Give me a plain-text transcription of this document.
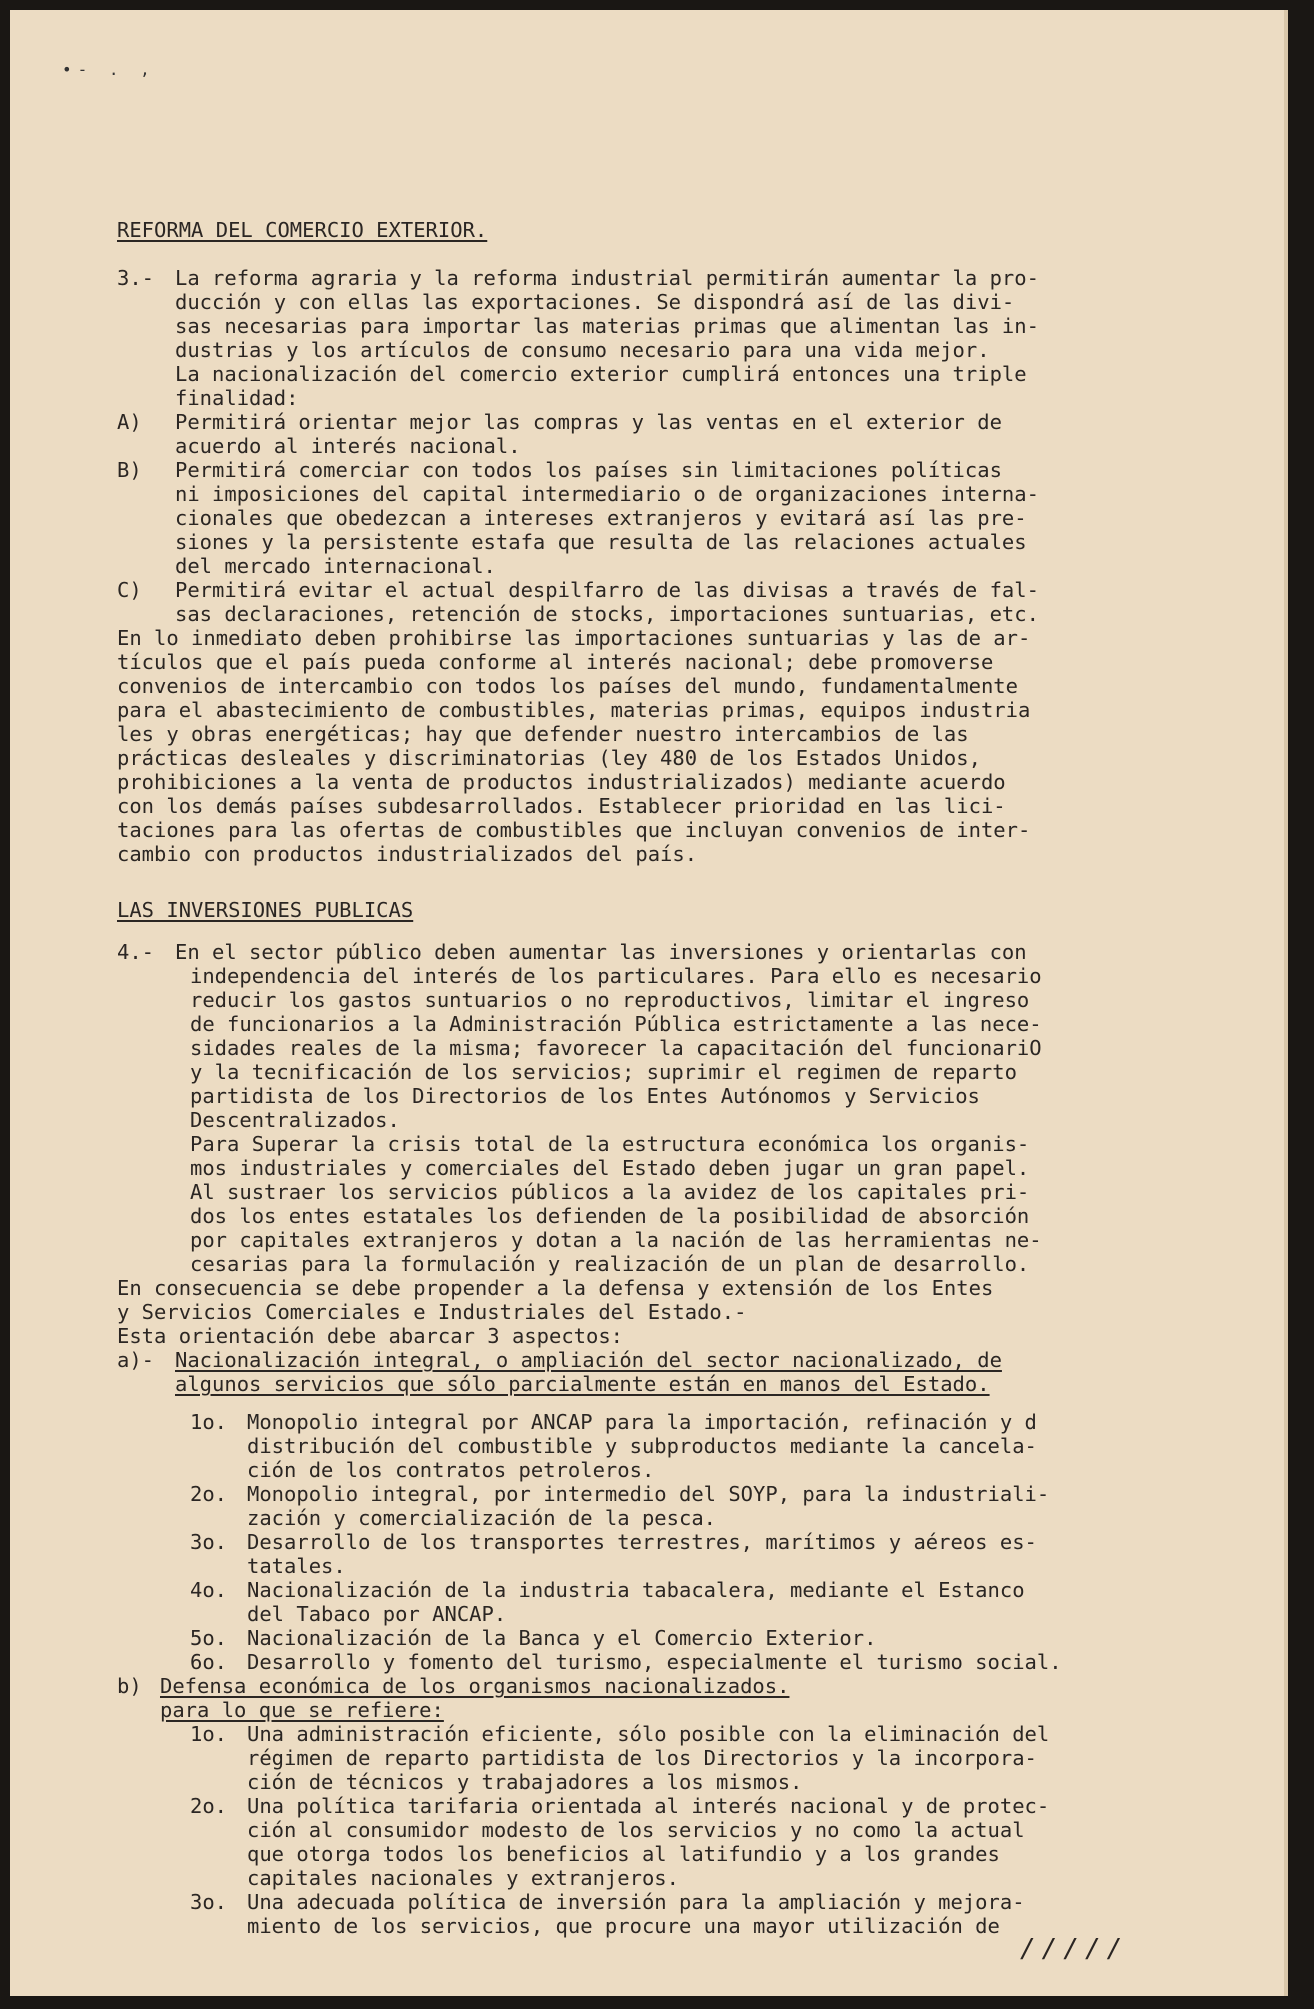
•- . ,
REFORMA DEL COMERCIO EXTERIOR.
3.- La reforma agraria y la reforma industrial permitirán aumentar la pro-
ducción y con ellas las exportaciones. Se dispondrá así de las divi-
sas necesarias para importar las materias primas que alimentan las in-
dustrias y los artículos de consumo necesario para una vida mejor.
La nacionalización del comercio exterior cumplirá entonces una triple
finalidad:
A) Permitirá orientar mejor las compras y las ventas en el exterior de
acuerdo al interés nacional.
B) Permitirá comerciar con todos los países sin limitaciones políticas
ni imposiciones del capital intermediario o de organizaciones interna-
cionales que obedezcan a intereses extranjeros y evitará así las pre-
siones y la persistente estafa que resulta de las relaciones actuales
del mercado internacional.
C) Permitirá evitar el actual despilfarro de las divisas a través de fal-
sas declaraciones, retención de stocks, importaciones suntuarias, etc.
En lo inmediato deben prohibirse las importaciones suntuarias y las de ar-
tículos que el país pueda conforme al interés nacional; debe promoverse
convenios de intercambio con todos los países del mundo, fundamentalmente
para el abastecimiento de combustibles, materias primas, equipos industria
les y obras energéticas; hay que defender nuestro intercambios de las
prácticas desleales y discriminatorias (ley 480 de los Estados Unidos,
prohibiciones a la venta de productos industrializados) mediante acuerdo
con los demás países subdesarrollados. Establecer prioridad en las lici-
taciones para las ofertas de combustibles que incluyan convenios de inter-
cambio con productos industrializados del país.
LAS INVERSIONES PUBLICAS
4.- En el sector público deben aumentar las inversiones y orientarlas con
independencia del interés de los particulares. Para ello es necesario
reducir los gastos suntuarios o no reproductivos, limitar el ingreso
de funcionarios a la Administración Pública estrictamente a las nece-
sidades reales de la misma; favorecer la capacitación del funcionariO
y la tecnificación de los servicios; suprimir el regimen de reparto
partidista de los Directorios de los Entes Autónomos y Servicios
Descentralizados.
Para Superar la crisis total de la estructura económica los organis-
mos industriales y comerciales del Estado deben jugar un gran papel.
Al sustraer los servicios públicos a la avidez de los capitales pri-
dos los entes estatales los defienden de la posibilidad de absorción
por capitales extranjeros y dotan a la nación de las herramientas ne-
cesarias para la formulación y realización de un plan de desarrollo.
En consecuencia se debe propender a la defensa y extensión de los Entes
y Servicios Comerciales e Industriales del Estado.-
Esta orientación debe abarcar 3 aspectos:
a)- Nacionalización integral, o ampliación del sector nacionalizado, de
algunos servicios que sólo parcialmente están en manos del Estado.
1o. Monopolio integral por ANCAP para la importación, refinación y d
distribución del combustible y subproductos mediante la cancela-
ción de los contratos petroleros.
2o. Monopolio integral, por intermedio del SOYP, para la industriali-
zación y comercialización de la pesca.
3o. Desarrollo de los transportes terrestres, marítimos y aéreos es-
tatales.
4o. Nacionalización de la industria tabacalera, mediante el Estanco
del Tabaco por ANCAP.
5o. Nacionalización de la Banca y el Comercio Exterior.
6o. Desarrollo y fomento del turismo, especialmente el turismo social.
b) Defensa económica de los organismos nacionalizados.
para lo que se refiere:
1o. Una administración eficiente, sólo posible con la eliminación del
régimen de reparto partidista de los Directorios y la incorpora-
ción de técnicos y trabajadores a los mismos.
2o. Una política tarifaria orientada al interés nacional y de protec-
ción al consumidor modesto de los servicios y no como la actual
que otorga todos los beneficios al latifundio y a los grandes
capitales nacionales y extranjeros.
3o. Una adecuada política de inversión para la ampliación y mejora-
miento de los servicios, que procure una mayor utilización de
/////
